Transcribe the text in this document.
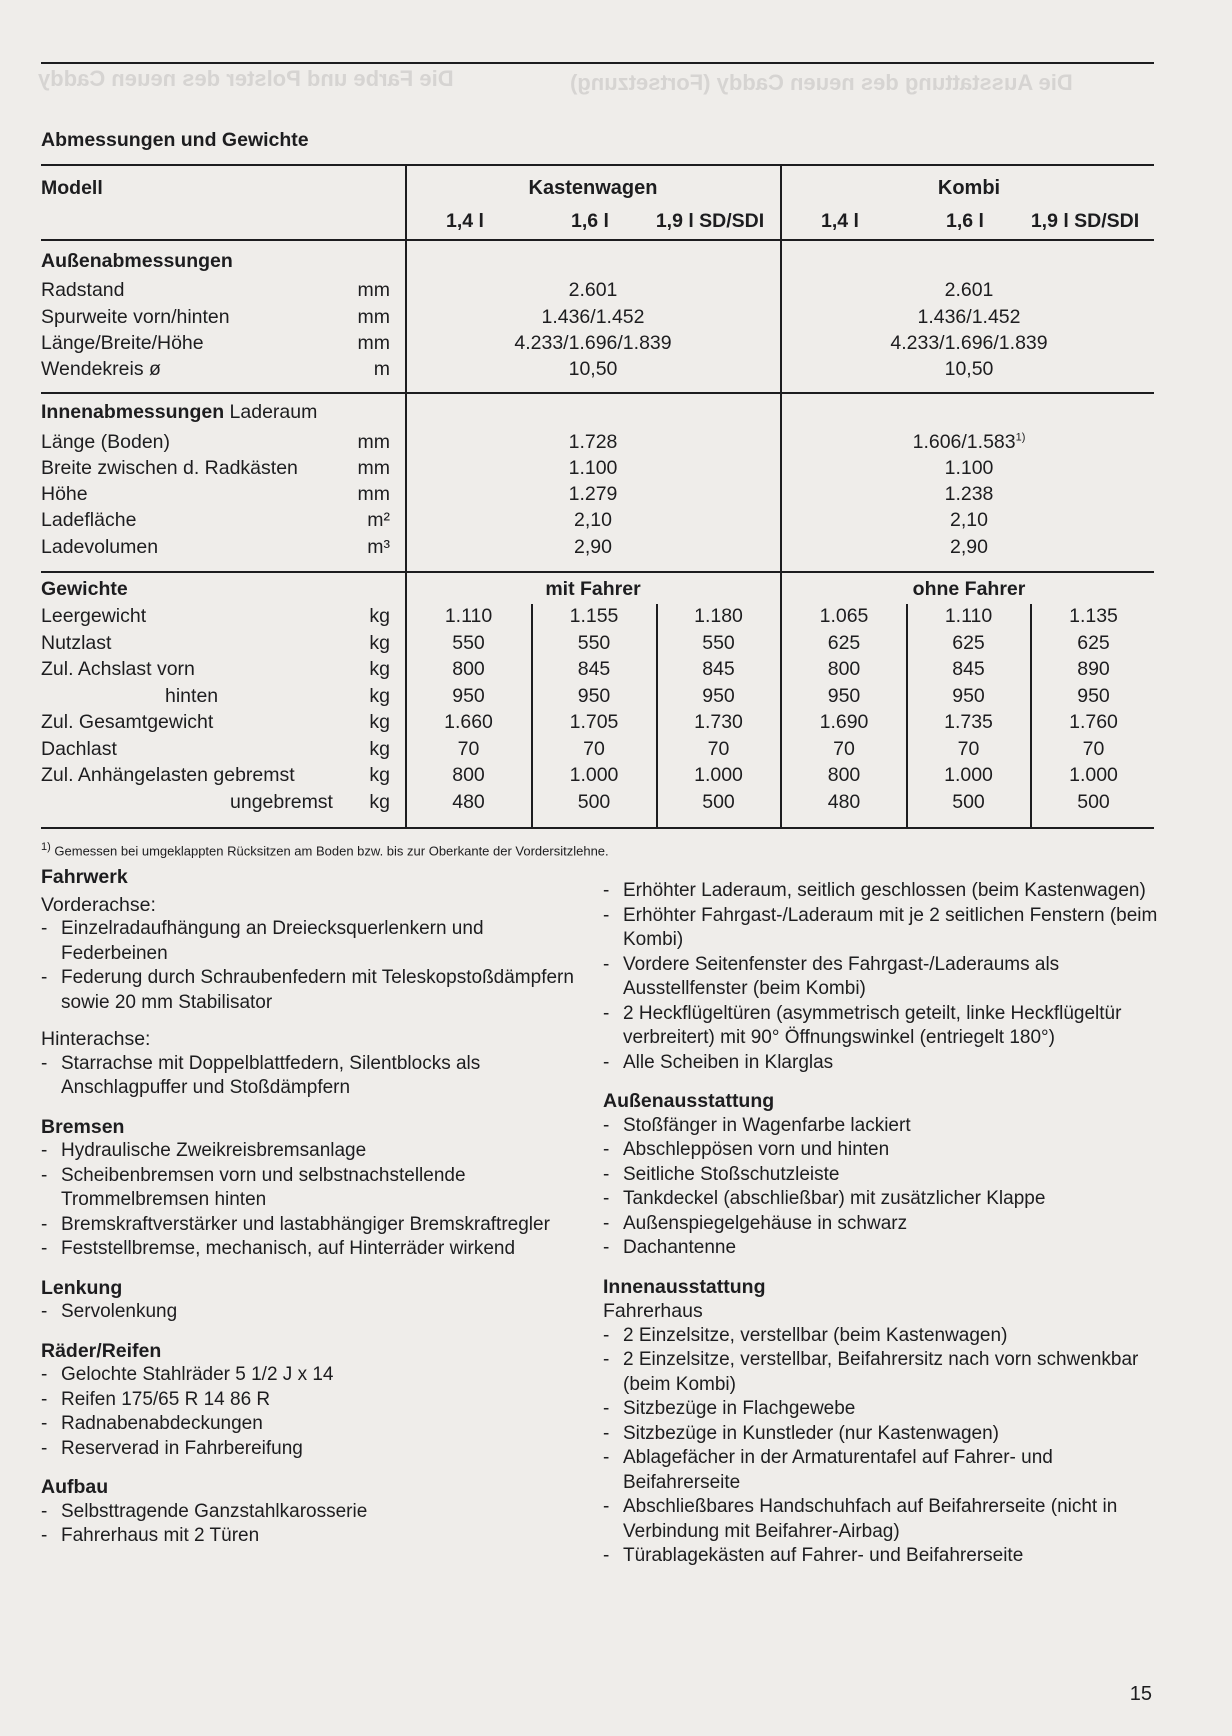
Die Farbe und Polster des neuen Caddy	Die Ausstattung des neuen Caddy (Fortsetzung)
Abmessungen und Gewichte
Modell	Kastenwagen	Kombi
1,4 l	1,6 l	1,9 l SD/SDI	1,4 l	1,6 l	1,9 l SD/SDI
Außenabmessungen
Radstand	mm	2.601	2.601
Spurweite vorn/hinten	mm	1.436/1.452	1.436/1.452
Länge/Breite/Höhe	mm	4.233/1.696/1.839	4.233/1.696/1.839
Wendekreis ø	m	10,50	10,50
Innenabmessungen Laderaum
Länge (Boden)	mm	1.728	1.606/1.583$^{1)}$
Breite zwischen d. Radkästen	mm	1.100	1.100
Höhe	mm	1.279	1.238
Ladefläche	m²	2,10	2,10
Ladevolumen	m³	2,90	2,90
Gewichte	mit Fahrer	ohne Fahrer
Leergewicht	kg	1.110	1.155	1.180	1.065	1.110	1.135
Nutzlast	kg	550	550	550	625	625	625
Zul. Achslast vorn	kg	800	845	845	800	845	890
hinten	kg	950	950	950	950	950	950
Zul. Gesamtgewicht	kg	1.660	1.705	1.730	1.690	1.735	1.760
Dachlast	kg	70	70	70	70	70	70
Zul. Anhängelasten gebremst	kg	800	1.000	1.000	800	1.000	1.000
ungebremst	kg	480	500	500	480	500	500
$^{1)}$ Gemessen bei umgeklappten Rücksitzen am Boden bzw. bis zur Oberkante der Vordersitzlehne.
Fahrwerk
Vorderachse:
- Einzelradaufhängung an Dreiecksquerlenkern und Federbeinen
- Federung durch Schraubenfedern mit Teleskopstoßdämpfern sowie 20 mm Stabilisator
Hinterachse:
- Starrachse mit Doppelblattfedern, Silentblocks als Anschlagpuffer und Stoßdämpfern
Bremsen
- Hydraulische Zweikreisbremsanlage
- Scheibenbremsen vorn und selbstnachstellende Trommelbremsen hinten
- Bremskraftverstärker und lastabhängiger Bremskraftregler
- Feststellbremse, mechanisch, auf Hinterräder wirkend
Lenkung
- Servolenkung
Räder/Reifen
- Gelochte Stahlräder 5 1/2 J x 14
- Reifen 175/65 R 14 86 R
- Radnabenabdeckungen
- Reserverad in Fahrbereifung
Aufbau
- Selbsttragende Ganzstahlkarosserie
- Fahrerhaus mit 2 Türen
- Erhöhter Laderaum, seitlich geschlossen (beim Kastenwagen)
- Erhöhter Fahrgast-/Laderaum mit je 2 seitlichen Fenstern (beim Kombi)
- Vordere Seitenfenster des Fahrgast-/Laderaums als Ausstellfenster (beim Kombi)
- 2 Heckflügeltüren (asymmetrisch geteilt, linke Heckflügeltür verbreitert) mit 90° Öffnungswinkel (entriegelt 180°)
- Alle Scheiben in Klarglas
Außenausstattung
- Stoßfänger in Wagenfarbe lackiert
- Abschleppösen vorn und hinten
- Seitliche Stoßschutzleiste
- Tankdeckel (abschließbar) mit zusätzlicher Klappe
- Außenspiegelgehäuse in schwarz
- Dachantenne
Innenausstattung
Fahrerhaus
- 2 Einzelsitze, verstellbar (beim Kastenwagen)
- 2 Einzelsitze, verstellbar, Beifahrersitz nach vorn schwenkbar (beim Kombi)
- Sitzbezüge in Flachgewebe
- Sitzbezüge in Kunstleder (nur Kastenwagen)
- Ablagefächer in der Armaturentafel auf Fahrer- und Beifahrerseite
- Abschließbares Handschuhfach auf Beifahrerseite (nicht in Verbindung mit Beifahrer-Airbag)
- Türablagekästen auf Fahrer- und Beifahrerseite
15
